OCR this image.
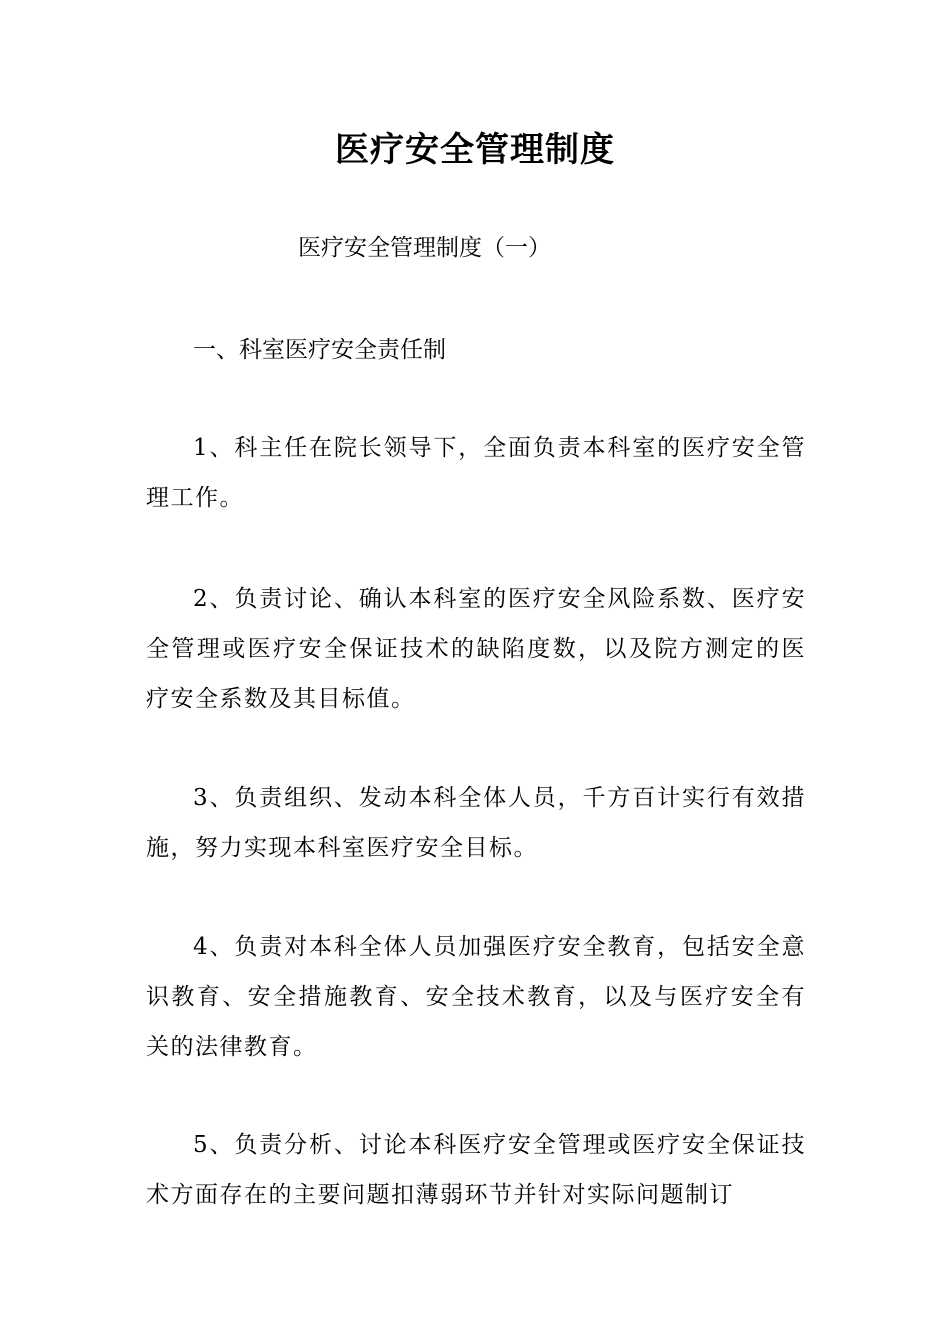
医疗安全管理制度
医疗安全管理制度（一）
一、科室医疗安全责任制

1、科主任在院长领导下，全面负责本科室的医疗安全管理工作。

2、负责讨论、确认本科室的医疗安全风险系数、医疗安全管理或医疗安全保证技术的缺陷度数，以及院方测定的医疗安全系数及其目标值。

3、负责组织、发动本科全体人员，千方百计实行有效措施，努力实现本科室医疗安全目标。

4、负责对本科全体人员加强医疗安全教育，包括安全意识教育、安全措施教育、安全技术教育，以及与医疗安全有关的法律教育。

5、负责分析、讨论本科医疗安全管理或医疗安全保证技术方面存在的主要问题扣薄弱环节并针对实际问题制订
